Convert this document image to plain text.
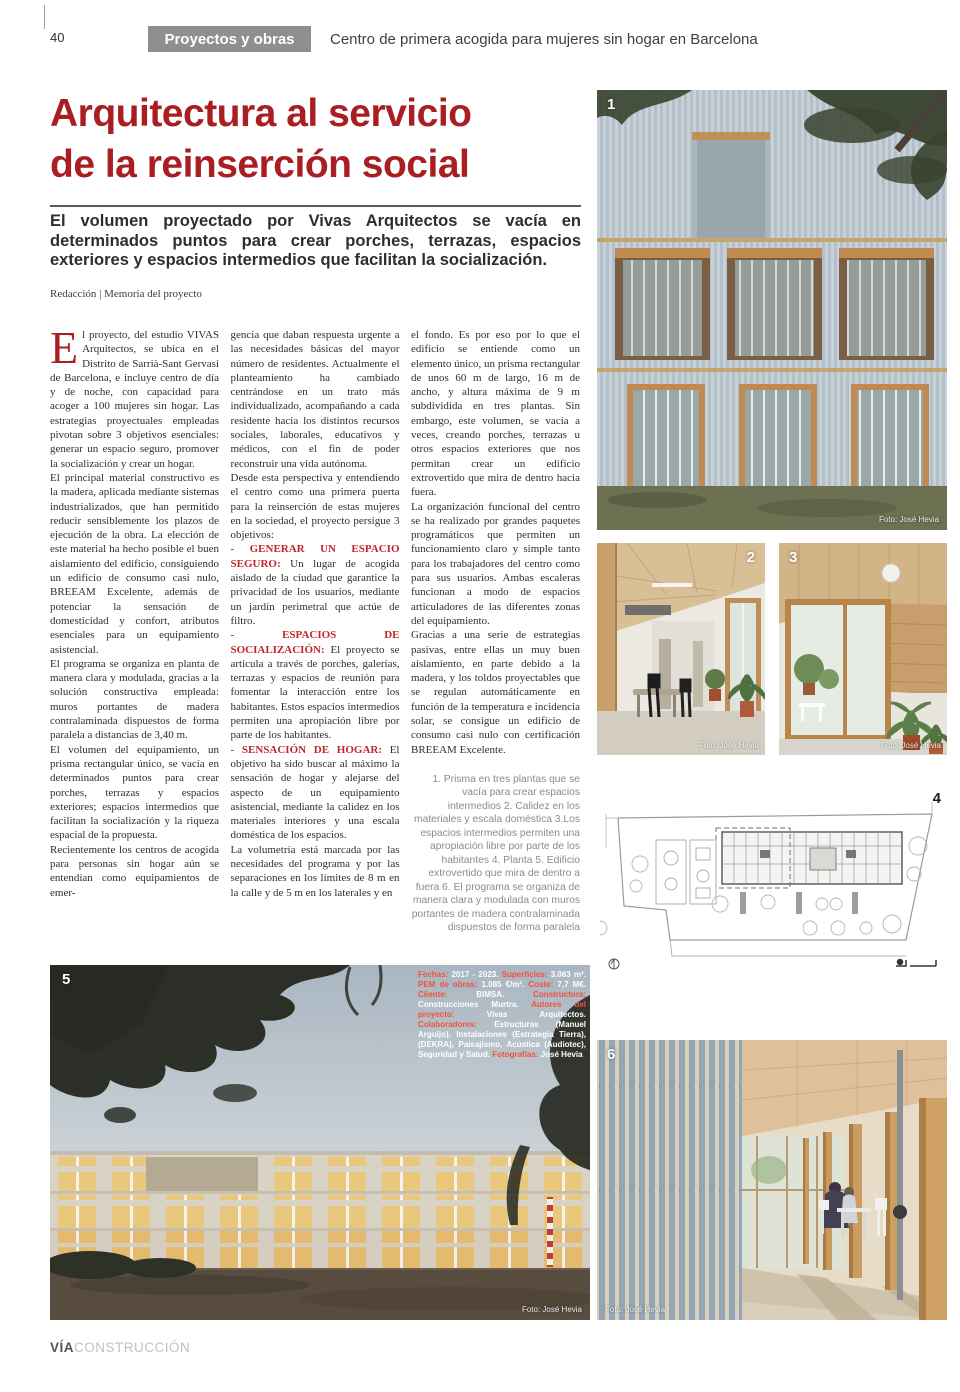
40	Proyectos y obras Centro de primera acogida para mujeres sin hogar en Barcelona
Arquitectura al servicio
de la reinserción social

El volumen proyectado por Vivas Arquitectos se vacía en determinados puntos para crear porches, terrazas, espacios exteriores y espacios intermedios que facilitan la socialización.

Redacción | Memoria del proyecto

El proyecto, del estudio VIVAS Arquitectos, se ubica en el Distrito de Sarrià-Sant Gervasi de Barcelona, e incluye centro de día y de noche, con capacidad para acoger a 100 mujeres sin hogar. Las estrategias proyectuales empleadas pivotan sobre 3 objetivos esenciales: generar un espacio seguro, promover la socialización y crear un hogar.

El principal material constructivo es la madera, aplicada mediante sistemas industrializados, que han permitido reducir sensiblemente los plazos de ejecución de la obra. La elección de este material ha hecho posible el buen aislamiento del edificio, consiguiendo un edificio de consumo casi nulo, BREEAM Excelente, además de potenciar la sensación de domesticidad y confort, atributos esenciales para un equipamiento asistencial.

El programa se organiza en planta de manera clara y modulada, gracias a la solución constructiva empleada: muros portantes de madera contralaminada dispuestos de forma paralela a distancias de 3,40 m.

El volumen del equipamiento, un prisma rectangular único, se vacía en determinados puntos para crear porches, terrazas y espacios exteriores; espacios intermedios que facilitan la socialización y la riqueza espacial de la propuesta.

Recientemente los centros de acogida para personas sin hogar aún se entendían como equipamientos de emer-

gencia que daban respuesta urgente a las necesidades básicas del mayor número de residentes. Actualmente el planteamiento ha cambiado centrándose en un trato más individualizado, acompañando a cada residente hacia los distintos recursos sociales, laborales, educativos y médicos, con el fin de poder reconstruir una vida autónoma.

Desde esta perspectiva y entendiendo el centro como una primera puerta para la reinserción de estas mujeres en la sociedad, el proyecto persigue 3 objetivos:

- GENERAR UN ESPACIO SEGURO: Un lugar de acogida aislado de la ciudad que garantice la privacidad de los usuarios, mediante un jardín perimetral que actúe de filtro.

- ESPACIOS DE SOCIALIZACIÓN: El proyecto se articula a través de porches, galerías, terrazas y espacios de reunión para fomentar la interacción entre los habitantes. Estos espacios intermedios permiten una apropiación libre por parte de los habitantes.

- SENSACIÓN DE HOGAR: El objetivo ha sido buscar al máximo la sensación de hogar y alejarse del aspecto de un equipamiento asistencial, mediante la calidez en los materiales interiores y una escala doméstica de los espacios.

La volumetría está marcada por las necesidades del programa y por las separaciones en los límites de 8 m en la calle y de 5 m en los laterales y en

el fondo. Es por eso por lo que el edificio se entiende como un elemento único, un prisma rectangular de unos 60 m de largo, 16 m de ancho, y altura máxima de 9 m subdividida en tres plantas. Sin embargo, este volumen, se vacía a veces, creando porches, terrazas u otros espacios exteriores que nos permitan crear un edificio extrovertido que mira de dentro hacia fuera.

La organización funcional del centro se ha realizado por grandes paquetes programáticos que permiten un funcionamiento claro y simple tanto para los trabajadores del centro como para sus usuarios. Ambas escaleras funcionan a modo de espacios articuladores de las diferentes zonas del equipamiento.

Gracias a una serie de estrategias pasivas, entre ellas un muy buen aislamiento, en parte debido a la madera, y los toldos proyectables que se regulan automáticamente en función de la temperatura e incidencia solar, se consigue un edificio de consumo casi nulo con certificación BREEAM Excelente.

1. Prisma en tres plantas que se vacía para crear espacios intermedios 2. Calidez en los materiales y escala doméstica 3.Los espacios intermedios permiten una apropiación libre por parte de los habitantes 4. Planta 5. Edificio extrovertido que mira de dentro a fuera 6. El programa se organiza de manera clara y modulada con muros portantes de madera contralaminada dispuestos de forma paralela
1
Foto: José Hevia
2
Foto: José Hevia
3
Foto: José Hevia
4
5	Fechas: 2017 - 2023. Superficies: 3.063 m². PEM de obras: 1.085 €/m². Coste: 7,7 M€. Cliente:	BIMSA.	Constructora: Construcciones Murtra. Autores del proyecto:	Vivas Arquitectos. Colaboradores: Estructuras (Manuel Arguijo), Instalaciones (Estrategia Tierra), (DEKRA), Paisajismo, Acústica (Audiotec), Seguridad y Salud. Fotografías: José Hevia
Foto: José Hevia
6
Foto: José Hevia
VÍACONSTRUCCIÓN
